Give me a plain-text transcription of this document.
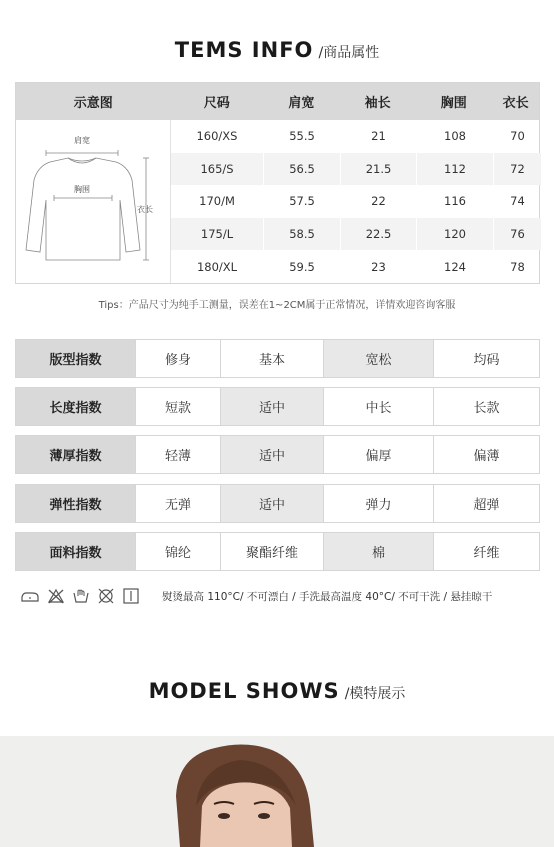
TEMS INFO /商品属性
示意图	尺码	肩宽	袖长	胸围	衣长
肩宽
胸围
衣长
160/XS	55.5	21	108	70
165/S	56.5	21.5	112	72
170/M	57.5	22	116	74
175/L	58.5	22.5	120	76
180/XL	59.5	23	124	78
Tips：产品尺寸为纯手工测量，误差在1~2CM属于正常情况，详情欢迎咨询客服
版型指数	修身	基本	宽松	均码
长度指数	短款	适中	中长	长款
薄厚指数	轻薄	适中	偏厚	偏薄
弹性指数	无弹	适中	弹力	超弹
面料指数	锦纶	聚酯纤维	棉	纤维
熨烫最高 110°C/ 不可漂白 / 手洗最高温度 40°C/ 不可干洗 / 悬挂晾干
MODEL SHOWS /模特展示
